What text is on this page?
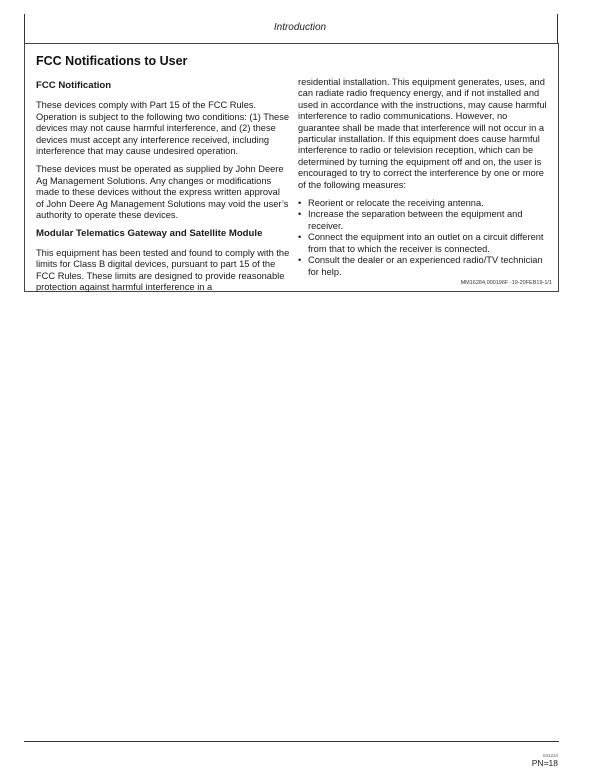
Introduction
FCC Notifications to User
FCC Notification

These devices comply with Part 15 of the FCC Rules. Operation is subject to the following two conditions: (1) These devices may not cause harmful interference, and (2) these devices must accept any interference received, including interference that may cause undesired operation.

These devices must be operated as supplied by John Deere Ag Management Solutions. Any changes or modifications made to these devices without the express written approval of John Deere Ag Management Solutions may void the user’s authority to operate these devices.

Modular Telematics Gateway and Satellite Module

This equipment has been tested and found to comply with the limits for Class B digital devices, pursuant to part 15 of the FCC Rules. These limits are designed to provide reasonable protection against harmful interference in a

residential installation. This equipment generates, uses, and can radiate radio frequency energy, and if not installed and used in accordance with the instructions, may cause harmful interference to radio communications. However, no guarantee shall be made that interference will not occur in a particular installation. If this equipment does cause harmful interference to radio or television reception, which can be determined by turning the equipment off and on, the user is encouraged to try to correct the interference by one or more of the following measures:

• Reorient or relocate the receiving antenna.
• Increase the separation between the equipment and receiver.
• Connect the equipment into an outlet on a circuit different from that to which the receiver is connected.
• Consult the dealer or an experienced radio/TV technician for help.
MM16284,000196F -19-20FEB19-1/1
041224
PN=18
